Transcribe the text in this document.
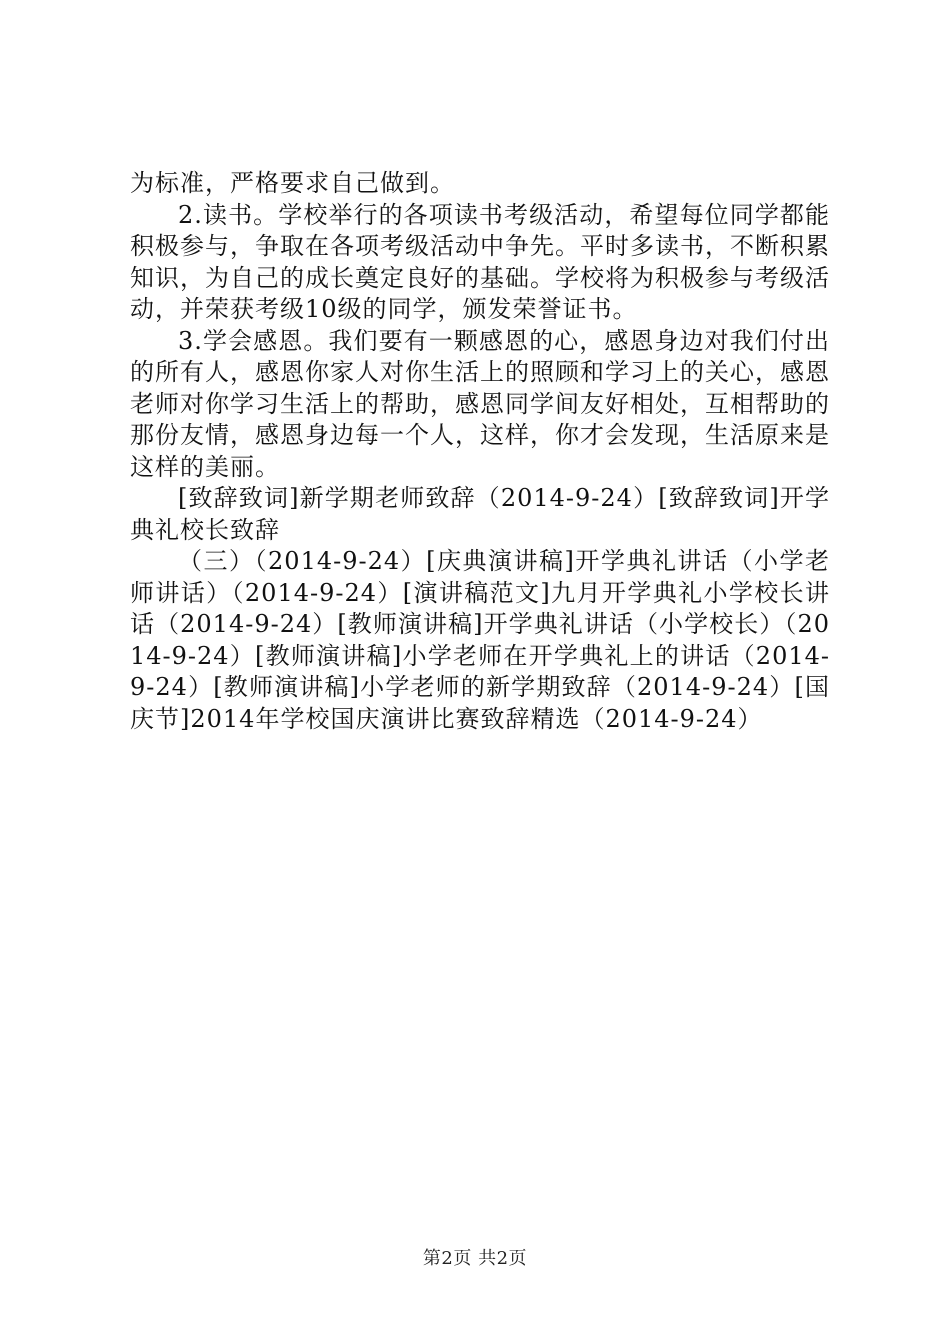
为标准，严格要求自己做到。

2.读书。学校举行的各项读书考级活动，希望每位同学都能积极参与，争取在各项考级活动中争先。平时多读书，不断积累知识，为自己的成长奠定良好的基础。学校将为积极参与考级活动，并荣获考级10级的同学，颁发荣誉证书。

3.学会感恩。我们要有一颗感恩的心，感恩身边对我们付出的所有人，感恩你家人对你生活上的照顾和学习上的关心，感恩老师对你学习生活上的帮助，感恩同学间友好相处，互相帮助的那份友情，感恩身边每一个人，这样，你才会发现，生活原来是这样的美丽。

[致辞致词]新学期老师致辞（2014-9-24）[致辞致词]开学典礼校长致辞

（三）（2014-9-24）[庆典演讲稿]开学典礼讲话（小学老师讲话）（2014-9-24）[演讲稿范文]九月开学典礼小学校长讲话（2014-9-24）[教师演讲稿]开学典礼讲话（小学校长）（2014-9-24）[教师演讲稿]小学老师在开学典礼上的讲话（2014-9-24）[教师演讲稿]小学老师的新学期致辞（2014-9-24）[国庆节]2014年学校国庆演讲比赛致辞精选（2014-9-24）

第2页 共2页
